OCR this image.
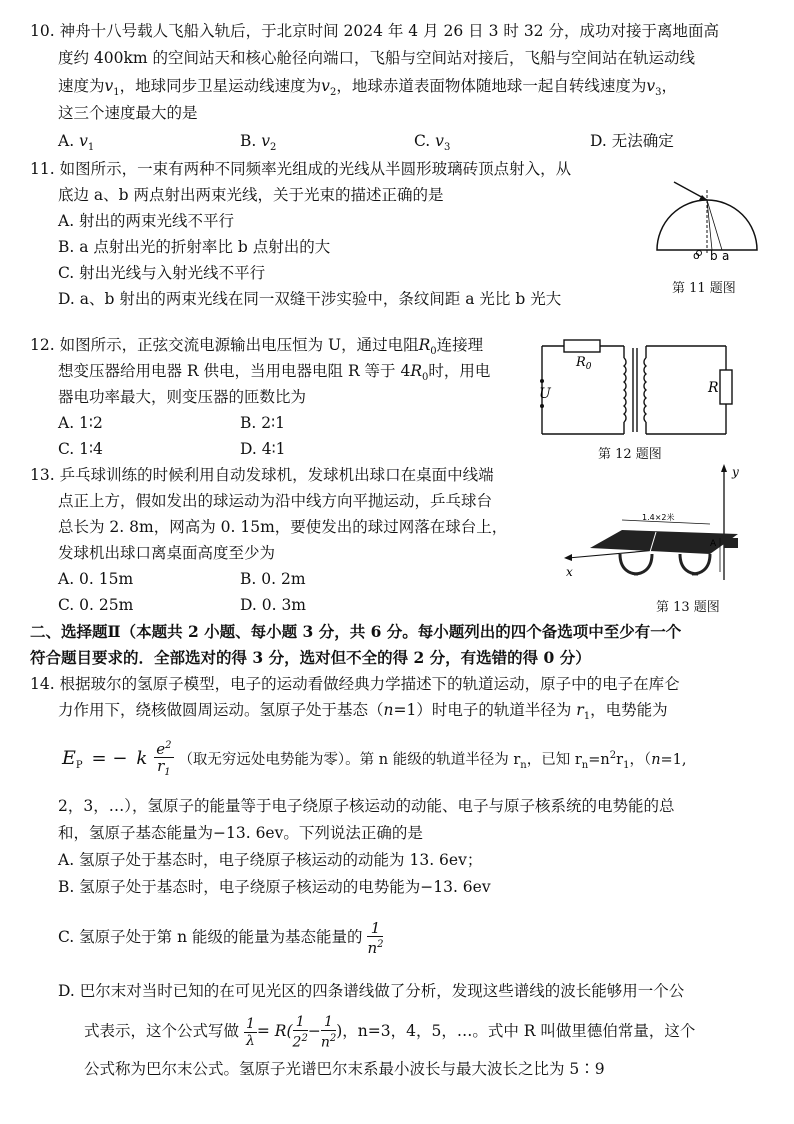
10. 神舟十八号载人飞船入轨后，于北京时间 2024 年 4 月 26 日 3 时 32 分，成功对接于离地面高
度约 400km 的空间站天和核心舱径向端口，飞船与空间站对接后，飞船与空间站在轨运动线
速度为$v_1$，地球同步卫星运动线速度为$v_2$，地球赤道表面物体随地球一起自转线速度为$v_3$，
这三个速度最大的是
A. $v_1$	B. $v_2$	C. $v_3$	D. 无法确定
11. 如图所示，一束有两种不同频率光组成的光线从半圆形玻璃砖顶点射入，从
底边 a、b 两点射出两束光线，关于光束的描述正确的是
A. 射出的两束光线不平行
B. a 点射出光的折射率比 b 点射出的大
C. 射出光线与入射光线不平行
D. a、b 射出的两束光线在同一双缝干涉实验中，条纹间距 a 光比 b 光大
o b a
第 11 题图
12. 如图所示，正弦交流电源输出电压恒为 U，通过电阻$R_0$连接理
想变压器给用电器 R 供电，当用电器电阻 R 等于 $4R_0$时，用电
器电功率最大，则变压器的匝数比为
A. 1∶2	B. 2∶1
C. 1∶4	D. 4∶1
$R_0$
U	R
第 12 题图
13. 乒乓球训练的时候利用自动发球机，发球机出球口在桌面中线端
点正上方，假如发出的球运动为沿中线方向平抛运动，乒乓球台
总长为 2. 8m，网高为 0. 15m，要使发出的球过网落在球台上，
发球机出球口离桌面高度至少为
A. 0. 15m	B. 0. 2m
C. 0. 25m	D. 0. 3m
y
x
1.4×2米
A
第 13 题图
二、选择题Ⅱ（本题共 2 小题、每小题 3 分，共 6 分。每小题列出的四个备选项中至少有一个
符合题目要求的．全部选对的得 3 分，选对但不全的得 2 分，有选错的得 0 分）
14. 根据玻尔的氢原子模型，电子的运动看做经典力学描述下的轨道运动，原子中的电子在库仑
力作用下，绕核做圆周运动。氢原子处于基态（n=1）时电子的轨道半径为 $r_1$，电势能为
$E_P$ = − k $\frac{e^2}{r_1}$ （取无穷远处电势能为零）。第 n 能级的轨道半径为 $r_n$，已知 $r_n=n^2r_1$，（n=1,
2，3，…），氢原子的能量等于电子绕原子核运动的动能、电子与原子核系统的电势能的总
和，氢原子基态能量为−13. 6ev。下列说法正确的是
A. 氢原子处于基态时，电子绕原子核运动的动能为 13. 6ev；
B. 氢原子处于基态时，电子绕原子核运动的电势能为−13. 6ev
C. 氢原子处于第 n 能级的能量为基态能量的 $\frac{1}{n^2}$
D. 巴尔末对当时已知的在可见光区的四条谱线做了分析，发现这些谱线的波长能够用一个公
式表示，这个公式写做 $\frac{1}{\lambda} = R( \frac{1}{2^2} - \frac{1}{n^2}$ )，n=3，4，5，…。式中 R 叫做里德伯常量，这个
公式称为巴尔末公式。氢原子光谱巴尔末系最小波长与最大波长之比为 5∶9
